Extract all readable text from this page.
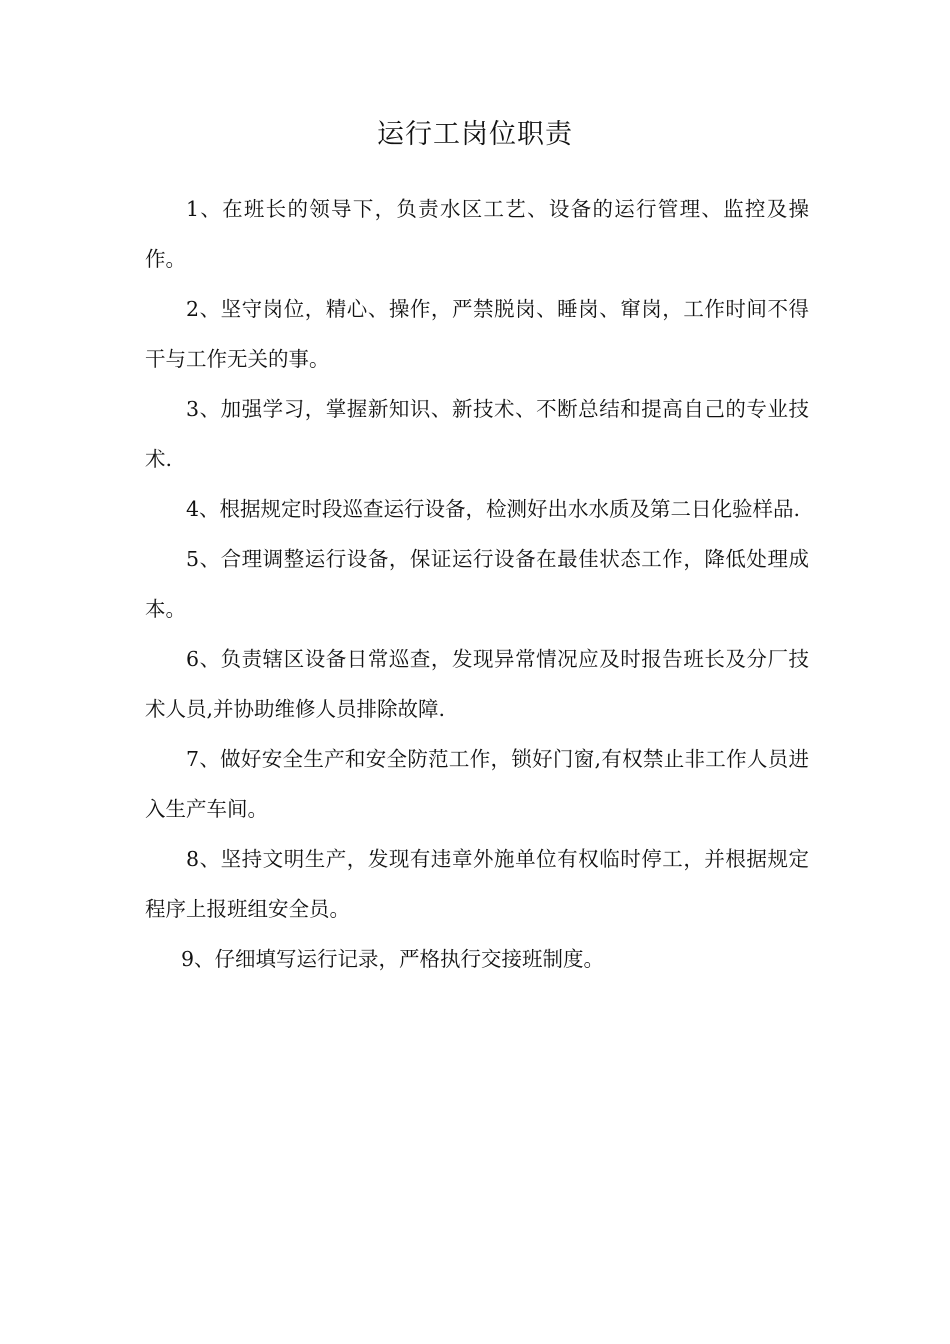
运行工岗位职责

1、在班长的领导下，负责水区工艺、设备的运行管理、监控及操作。

2、坚守岗位，精心、操作，严禁脱岗、睡岗、窜岗，工作时间不得干与工作无关的事。

3、加强学习，掌握新知识、新技术、不断总结和提高自己的专业技术.

4、根据规定时段巡查运行设备，检测好出水水质及第二日化验样品.

5、合理调整运行设备，保证运行设备在最佳状态工作，降低处理成本。

6、负责辖区设备日常巡查，发现异常情况应及时报告班长及分厂技术人员,并协助维修人员排除故障.

7、做好安全生产和安全防范工作，锁好门窗,有权禁止非工作人员进入生产车间。

8、坚持文明生产，发现有违章外施单位有权临时停工，并根据规定程序上报班组安全员。

9、仔细填写运行记录，严格执行交接班制度。
